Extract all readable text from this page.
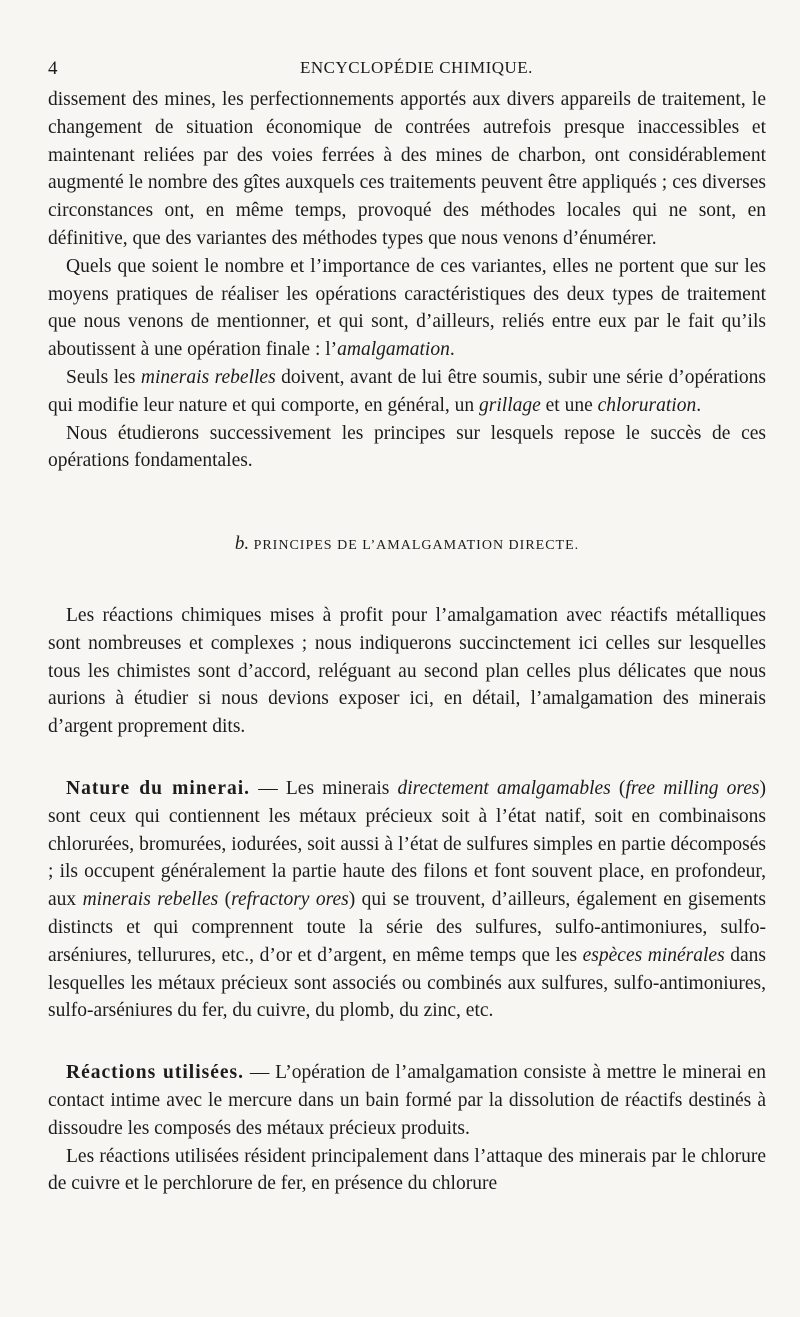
4	ENCYCLOPÉDIE CHIMIQUE.

dissement des mines, les perfectionnements apportés aux divers appareils de traitement, le changement de situation économique de contrées autrefois presque inaccessibles et maintenant reliées par des voies ferrées à des mines de charbon, ont considérablement augmenté le nombre des gîtes auxquels ces traitements peuvent être appliqués ; ces diverses circonstances ont, en même temps, provoqué des méthodes locales qui ne sont, en définitive, que des variantes des méthodes types que nous venons d’énumérer.

Quels que soient le nombre et l’importance de ces variantes, elles ne portent que sur les moyens pratiques de réaliser les opérations caractéristiques des deux types de traitement que nous venons de mentionner, et qui sont, d’ailleurs, reliés entre eux par le fait qu’ils aboutissent à une opération finale : l’amalgamation.

Seuls les minerais rebelles doivent, avant de lui être soumis, subir une série d’opérations qui modifie leur nature et qui comporte, en général, un grillage et une chloruration.

Nous étudierons successivement les principes sur lesquels repose le succès de ces opérations fondamentales.

b. PRINCIPES DE L’AMALGAMATION DIRECTE.

Les réactions chimiques mises à profit pour l’amalgamation avec réactifs métalliques sont nombreuses et complexes ; nous indiquerons succinctement ici celles sur lesquelles tous les chimistes sont d’accord, reléguant au second plan celles plus délicates que nous aurions à étudier si nous devions exposer ici, en détail, l’amalgamation des minerais d’argent proprement dits.

Nature du minerai. — Les minerais directement amalgamables (free milling ores) sont ceux qui contiennent les métaux précieux soit à l’état natif, soit en combinaisons chlorurées, bromurées, iodurées, soit aussi à l’état de sulfures simples en partie décomposés ; ils occupent généralement la partie haute des filons et font souvent place, en profondeur, aux minerais rebelles (refractory ores) qui se trouvent, d’ailleurs, également en gisements distincts et qui comprennent toute la série des sulfures, sulfo-antimoniures, sulfo-arséniures, tellurures, etc., d’or et d’argent, en même temps que les espèces minérales dans lesquelles les métaux précieux sont associés ou combinés aux sulfures, sulfo-antimoniures, sulfo-arséniures du fer, du cuivre, du plomb, du zinc, etc.

Réactions utilisées. — L’opération de l’amalgamation consiste à mettre le minerai en contact intime avec le mercure dans un bain formé par la dissolution de réactifs destinés à dissoudre les composés des métaux précieux produits.

Les réactions utilisées résident principalement dans l’attaque des minerais par le chlorure de cuivre et le perchlorure de fer, en présence du chlorure
